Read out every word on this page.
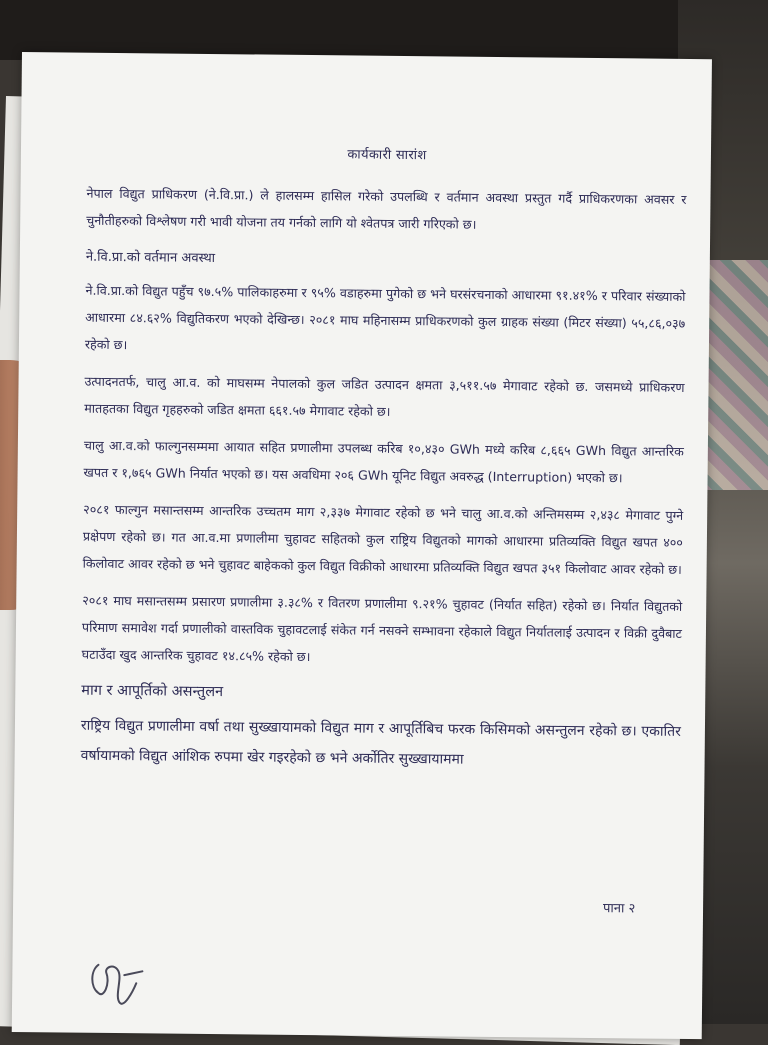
कार्यकारी सारांश

नेपाल विद्युत प्राधिकरण (ने.वि.प्रा.) ले हालसम्म हासिल गरेको उपलब्धि र वर्तमान अवस्था प्रस्तुत गर्दै प्राधिकरणका अवसर र चुनौतीहरुको विश्लेषण गरी भावी योजना तय गर्नको लागि यो श्वेतपत्र जारी गरिएको छ।

ने.वि.प्रा.को वर्तमान अवस्था

ने.वि.प्रा.को विद्युत पहुँच ९७.५% पालिकाहरुमा र ९५% वडाहरुमा पुगेको छ भने घरसंरचनाको आधारमा ९१.४१% र परिवार संख्याको आधारमा ८४.६२% विद्युतिकरण भएको देखिन्छ। २०८१ माघ महिनासम्म प्राधिकरणको कुल ग्राहक संख्या (मिटर संख्या) ५५,८६,०३७ रहेको छ।

उत्पादनतर्फ, चालु आ.व. को माघसम्म नेपालको कुल जडित उत्पादन क्षमता ३,५११.५७ मेगावाट रहेको छ. जसमध्ये प्राधिकरण मातहतका विद्युत गृहहरुको जडित क्षमता ६६१.५७ मेगावाट रहेको छ।

चालु आ.व.को फाल्गुनसम्ममा आयात सहित प्रणालीमा उपलब्ध करिब १०,४३० GWh मध्ये करिब ८,६६५ GWh विद्युत आन्तरिक खपत र १,७६५ GWh निर्यात भएको छ। यस अवधिमा २०६ GWh यूनिट विद्युत अवरुद्ध (Interruption) भएको छ।

२०८१ फाल्गुन मसान्तसम्म आन्तरिक उच्चतम माग २,३३७ मेगावाट रहेको छ भने चालु आ.व.को अन्तिमसम्म २,४३८ मेगावाट पुग्ने प्रक्षेपण रहेको छ। गत आ.व.मा प्रणालीमा चुहावट सहितको कुल राष्ट्रिय विद्युतको मागको आधारमा प्रतिव्यक्ति विद्युत खपत ४०० किलोवाट आवर रहेको छ भने चुहावट बाहेकको कुल विद्युत विक्रीको आधारमा प्रतिव्यक्ति विद्युत खपत ३५१ किलोवाट आवर रहेको छ।

२०८१ माघ मसान्तसम्म प्रसारण प्रणालीमा ३.३८% र वितरण प्रणालीमा ९.२१% चुहावट (निर्यात सहित) रहेको छ। निर्यात विद्युतको परिमाण समावेश गर्दा प्रणालीको वास्तविक चुहावटलाई संकेत गर्न नसक्ने सम्भावना रहेकाले विद्युत निर्यातलाई उत्पादन र विक्री दुवैबाट घटाउँदा खुद आन्तरिक चुहावट १४.८५% रहेको छ।

माग र आपूर्तिको असन्तुलन

राष्ट्रिय विद्युत प्रणालीमा वर्षा तथा सुख्खायामको विद्युत माग र आपूर्तिबिच फरक किसिमको असन्तुलन रहेको छ। एकातिर वर्षायामको विद्युत आंशिक रुपमा खेर गइरहेको छ भने अर्कोतिर सुख्खायाममा

पाना २
